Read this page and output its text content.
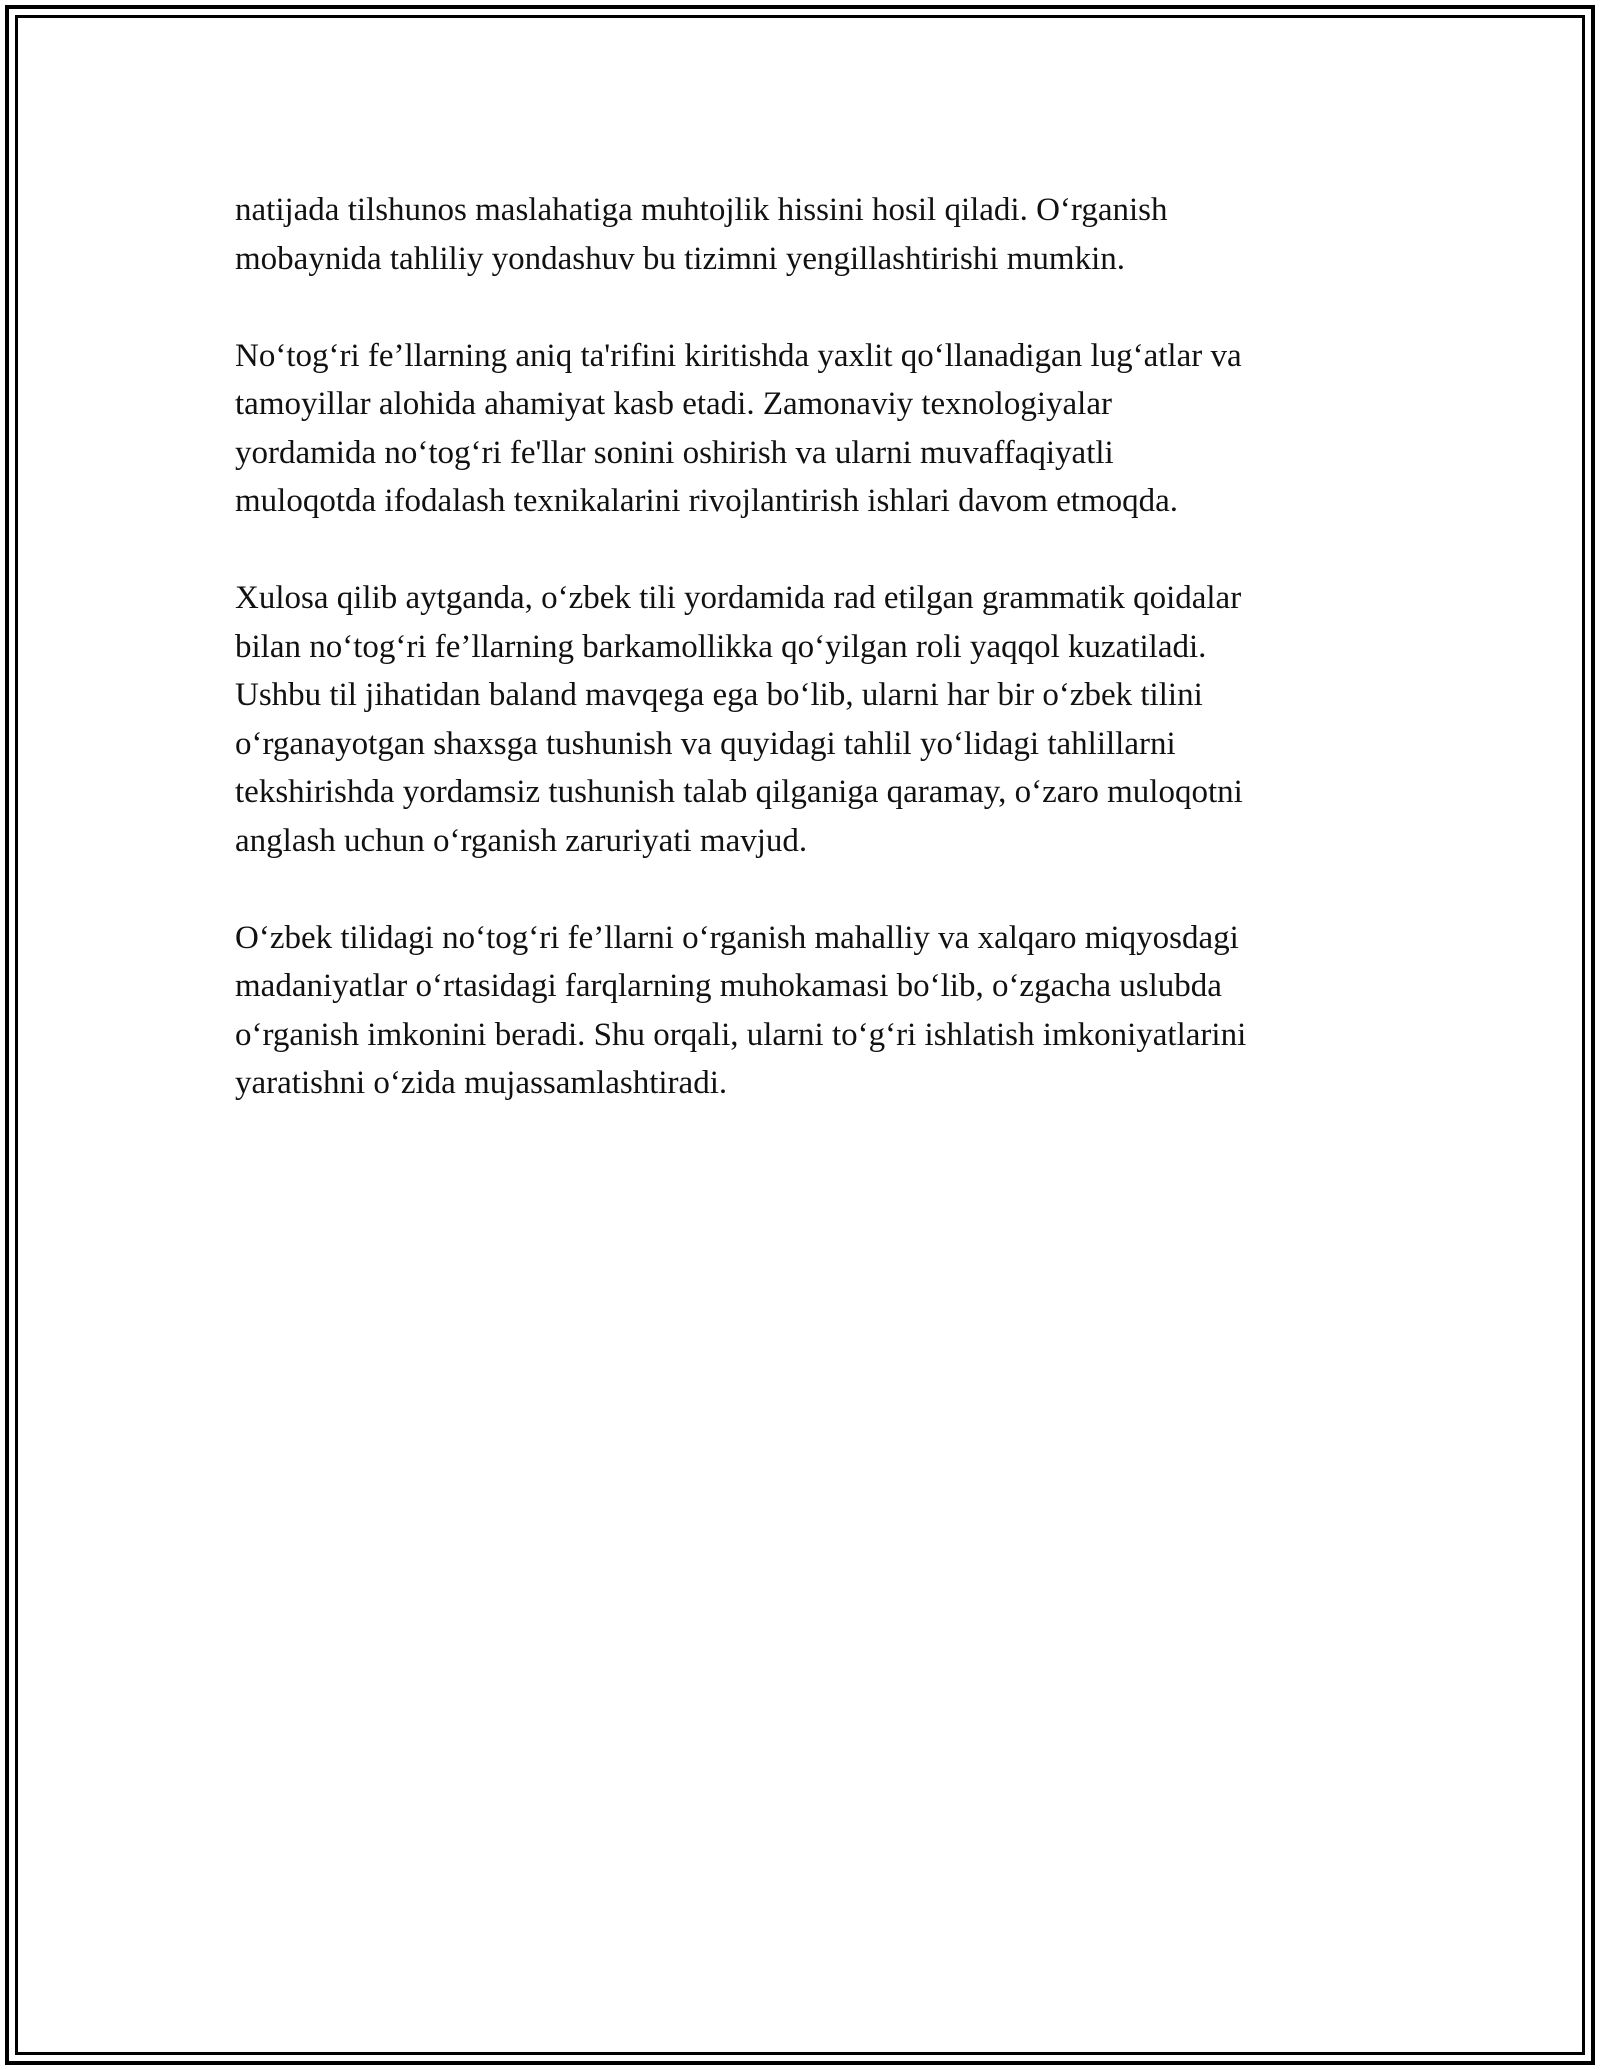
natijada tilshunos maslahatiga muhtojlik hissini hosil qiladi. O‘rganish
mobaynida tahliliy yondashuv bu tizimni yengillashtirishi mumkin.

No‘tog‘ri fe’llarning aniq ta'rifini kiritishda yaxlit qo‘llanadigan lug‘atlar va
tamoyillar alohida ahamiyat kasb etadi. Zamonaviy texnologiyalar
yordamida no‘tog‘ri fe'llar sonini oshirish va ularni muvaffaqiyatli
muloqotda ifodalash texnikalarini rivojlantirish ishlari davom etmoqda.

Xulosa qilib aytganda, o‘zbek tili yordamida rad etilgan grammatik qoidalar
bilan no‘tog‘ri fe’llarning barkamollikka qo‘yilgan roli yaqqol kuzatiladi.
Ushbu til jihatidan baland mavqega ega bo‘lib, ularni har bir o‘zbek tilini
o‘rganayotgan shaxsga tushunish va quyidagi tahlil yo‘lidagi tahlillarni
tekshirishda yordamsiz tushunish talab qilganiga qaramay, o‘zaro muloqotni
anglash uchun o‘rganish zaruriyati mavjud.

O‘zbek tilidagi no‘tog‘ri fe’llarni o‘rganish mahalliy va xalqaro miqyosdagi
madaniyatlar o‘rtasidagi farqlarning muhokamasi bo‘lib, o‘zgacha uslubda
o‘rganish imkonini beradi. Shu orqali, ularni to‘g‘ri ishlatish imkoniyatlarini
yaratishni o‘zida mujassamlashtiradi.
